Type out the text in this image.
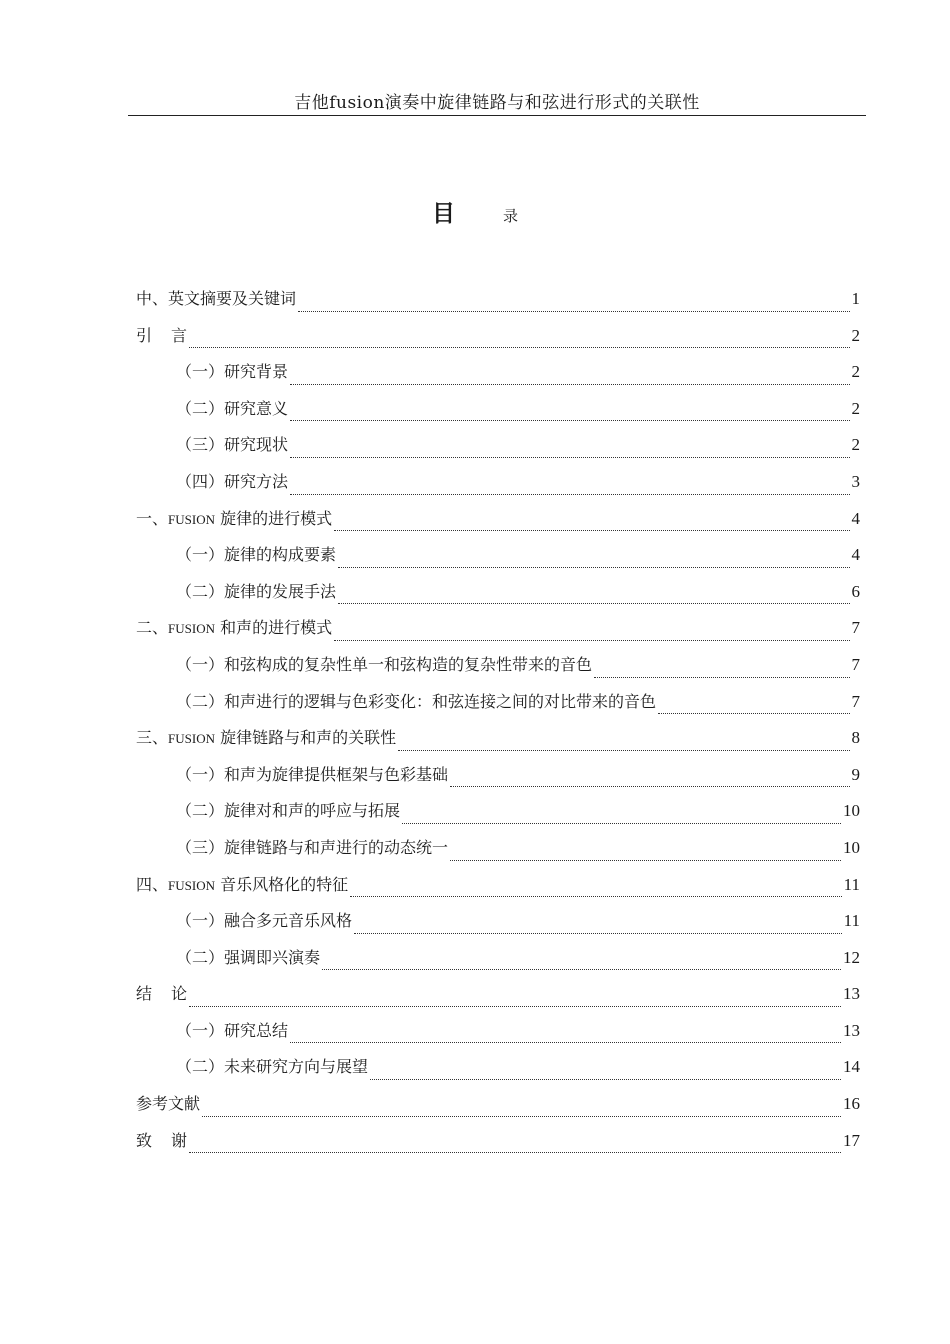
吉他fusion演奏中旋律链路与和弦进行形式的关联性
目	录
中、英文摘要及关键词	1
引言	2
（一）研究背景	2
（二）研究意义	2
（三）研究现状	2
（四）研究方法	3
一、FUSION 旋律的进行模式	4
（一）旋律的构成要素	4
（二）旋律的发展手法	6
二、FUSION 和声的进行模式	7
（一）和弦构成的复杂性单一和弦构造的复杂性带来的音色	7
（二）和声进行的逻辑与色彩变化：和弦连接之间的对比带来的音色	7
三、FUSION 旋律链路与和声的关联性	8
（一）和声为旋律提供框架与色彩基础	9
（二）旋律对和声的呼应与拓展	10
（三）旋律链路与和声进行的动态统一	10
四、FUSION 音乐风格化的特征	11
（一）融合多元音乐风格	11
（二）强调即兴演奏	12
结论	13
（一）研究总结	13
（二）未来研究方向与展望	14
参考文献	16
致谢	17
